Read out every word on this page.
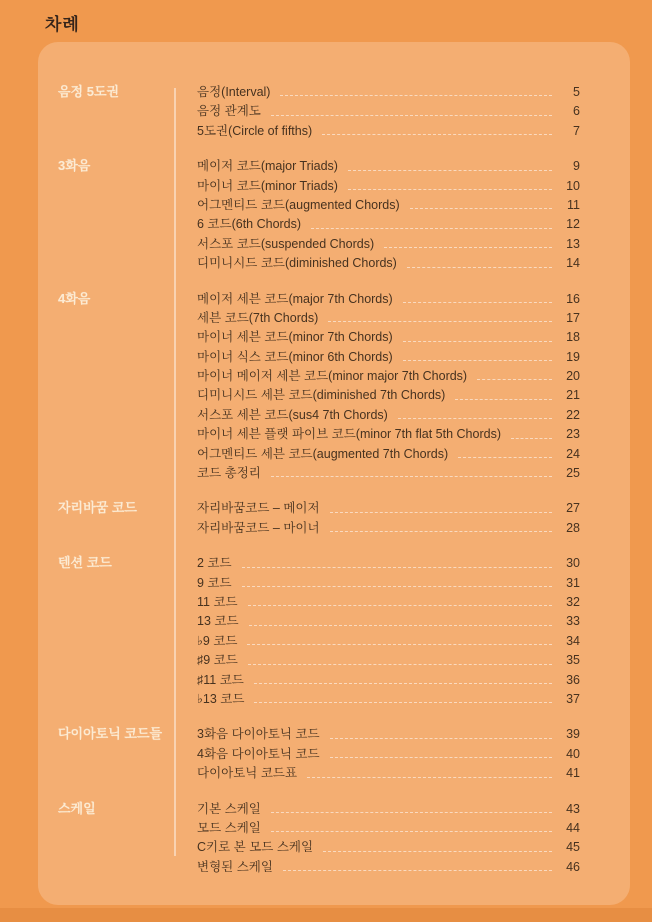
차례
음정 5도권	음정(Interval)	5
음정 관계도	6
5도권(Circle of fifths)	7
3화음	메이저 코드(major Triads)	9
마이너 코드(minor Triads)	10
어그멘티드 코드(augmented Chords)	11
6 코드(6th Chords)	12
서스포 코드(suspended Chords)	13
디미니시드 코드(diminished Chords)	14
4화음	메이저 세븐 코드(major 7th Chords)	16
세븐 코드(7th Chords)	17
마이너 세븐 코드(minor 7th Chords)	18
마이너 식스 코드(minor 6th Chords)	19
마이너 메이저 세븐 코드(minor major 7th Chords)	20
디미니시드 세븐 코드(diminished 7th Chords)	21
서스포 세븐 코드(sus4 7th Chords)	22
마이너 세븐 플랫 파이브 코드(minor 7th flat 5th Chords)	23
어그멘티드 세븐 코드(augmented 7th Chords)	24
코드 총정리	25
자리바꿈 코드	자리바꿈코드 – 메이저	27
자리바꿈코드 – 마이너	28
텐션 코드	2 코드	30
9 코드	31
11 코드	32
13 코드	33
♭9 코드	34
♯9 코드	35
♯11 코드	36
♭13 코드	37
다이아토닉 코드들	3화음 다이아토닉 코드	39
4화음 다이아토닉 코드	40
다이아토닉 코드표	41
스케일	기본 스케일	43
모드 스케일	44
C키로 본 모드 스케일	45
변형된 스케일	46
